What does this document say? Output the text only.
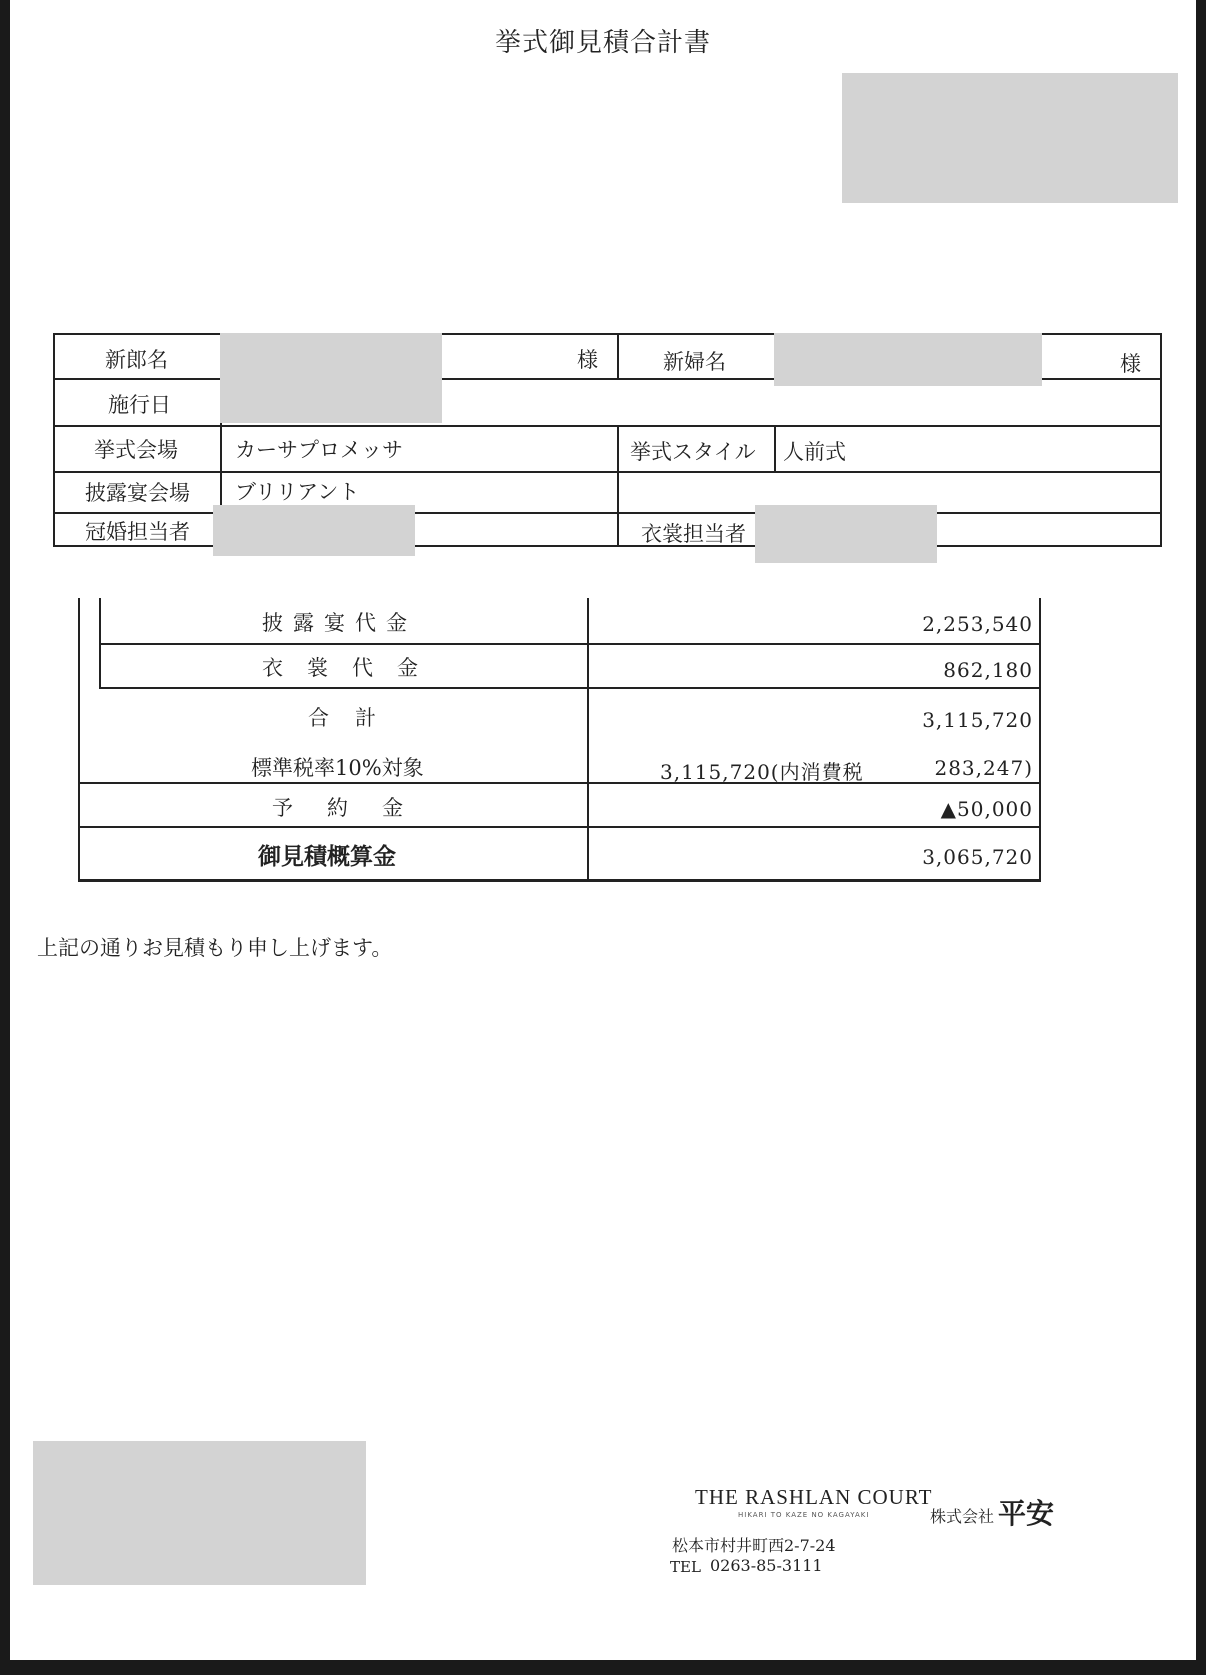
挙式御見積合計書
新郎名	様	新婦名	様
施行日
挙式会場	カーサプロメッサ	挙式スタイル 人前式
披露宴会場 ブリリアント
冠婚担当者	衣裳担当者
披露宴代金	2,253,540
衣裳代金	862,180
合計	3,115,720
標準税率10%対象	3,115,720(内消費税	283,247)
予約金	▲50,000
御見積概算金	3,065,720
上記の通りお見積もり申し上げます。
THE RASHLAN COURT
HIKARI TO KAZE NO KAGAYAKI	株式会社 平安
松本市村井町西2-7-24
TEL 0263-85-3111
